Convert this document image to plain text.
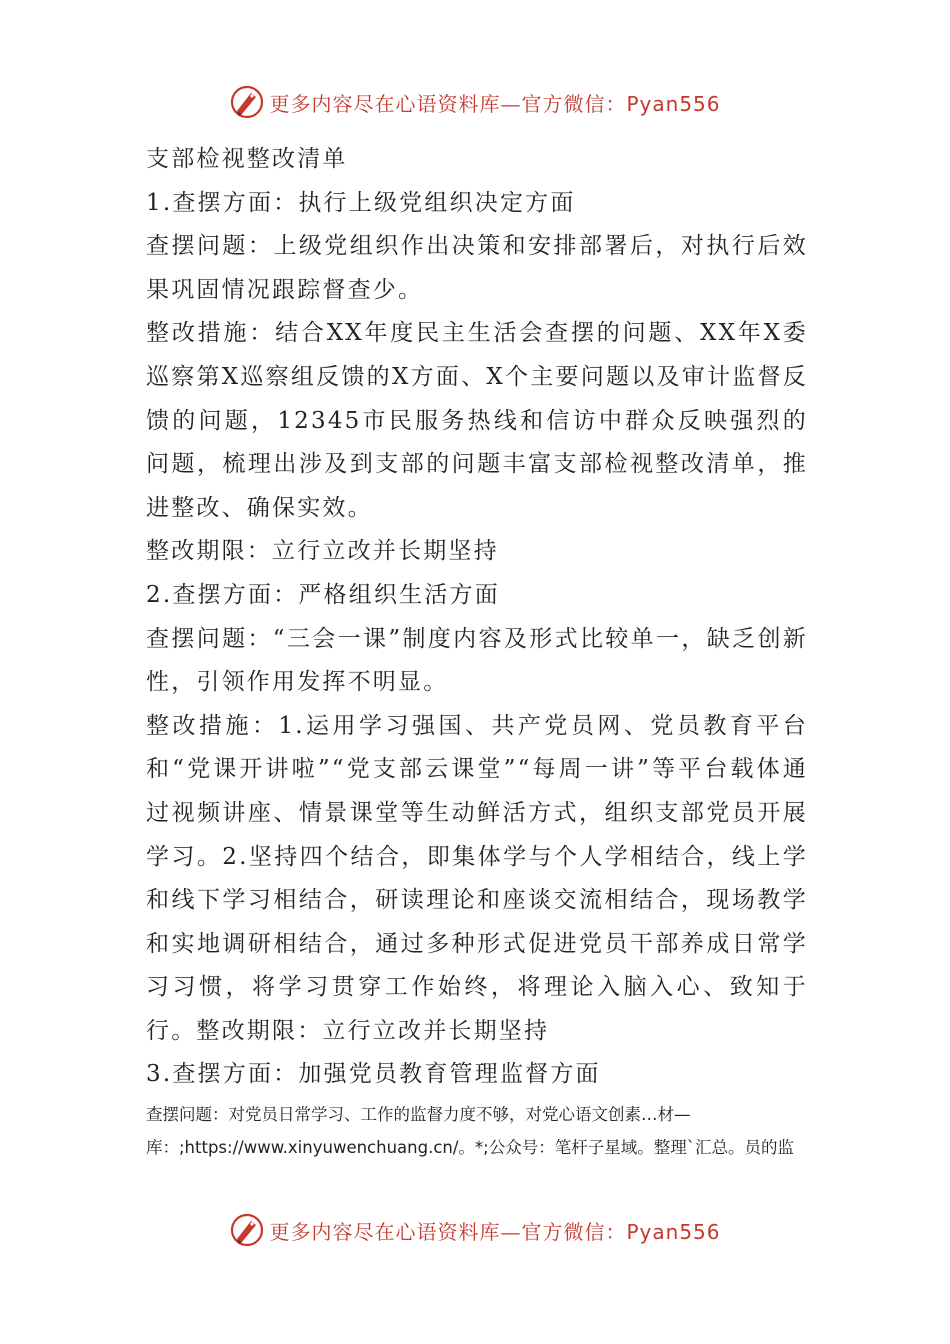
更多内容尽在心语资料库—官方微信：Pyan556

支部检视整改清单

1.查摆方面：执行上级党组织决定方面

查摆问题：上级党组织作出决策和安排部署后，对执行后效果巩固情况跟踪督查少。

整改措施：结合XX年度民主生活会查摆的问题、XX年X委巡察第X巡察组反馈的X方面、X个主要问题以及审计监督反馈的问题，12345市民服务热线和信访中群众反映强烈的问题，梳理出涉及到支部的问题丰富支部检视整改清单，推进整改、确保实效。

整改期限：立行立改并长期坚持

2.查摆方面：严格组织生活方面

查摆问题：“三会一课”制度内容及形式比较单一，缺乏创新性，引领作用发挥不明显。

整改措施：1.运用学习强国、共产党员网、党员教育平台和“党课开讲啦”“党支部云课堂”“每周一讲”等平台载体通过视频讲座、情景课堂等生动鲜活方式，组织支部党员开展学习。2.坚持四个结合，即集体学与个人学相结合，线上学和线下学习相结合，研读理论和座谈交流相结合，现场教学和实地调研相结合，通过多种形式促进党员干部养成日常学习习惯，将学习贯穿工作始终，将理论入脑入心、致知于行。整改期限：立行立改并长期坚持

3.查摆方面：加强党员教育管理监督方面

查摆问题：对党员日常学习、工作的监督力度不够，对党心语文创素…材—

库：;https://www.xinyuwenchuang.cn/。*;公众号：笔杆子星域。整理`汇总。员的监

更多内容尽在心语资料库—官方微信：Pyan556
